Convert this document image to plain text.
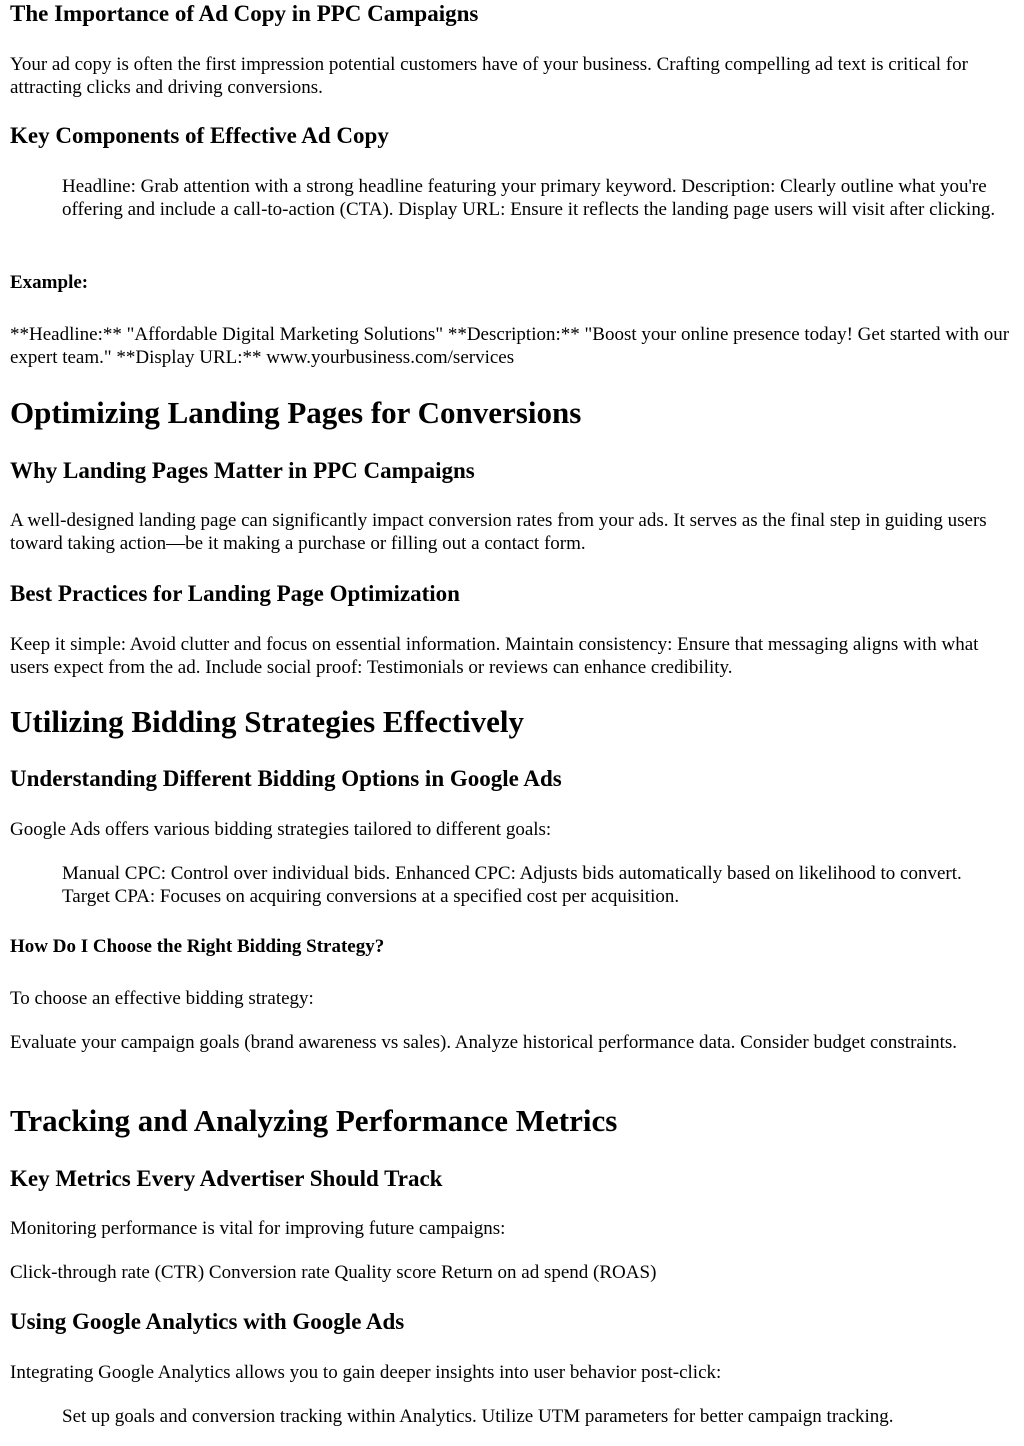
The Importance of Ad Copy in PPC Campaigns

Your ad copy is often the first impression potential customers have of your business. Crafting compelling ad text is critical for attracting clicks and driving conversions.

Key Components of Effective Ad Copy
Headline: Grab attention with a strong headline featuring your primary keyword. Description: Clearly outline what you're offering and include a call-to-action (CTA). Display URL: Ensure it reflects the landing page users will visit after clicking.
Example:

**Headline:** "Affordable Digital Marketing Solutions" **Description:** "Boost your online presence today! Get started with our expert team." **Display URL:** www.yourbusiness.com/services

Optimizing Landing Pages for Conversions
Why Landing Pages Matter in PPC Campaigns

A well-designed landing page can significantly impact conversion rates from your ads. It serves as the final step in guiding users toward taking action—be it making a purchase or filling out a contact form.

Best Practices for Landing Page Optimization

Keep it simple: Avoid clutter and focus on essential information. Maintain consistency: Ensure that messaging aligns with what users expect from the ad. Include social proof: Testimonials or reviews can enhance credibility.

Utilizing Bidding Strategies Effectively
Understanding Different Bidding Options in Google Ads

Google Ads offers various bidding strategies tailored to different goals:

Manual CPC: Control over individual bids. Enhanced CPC: Adjusts bids automatically based on likelihood to convert. Target CPA: Focuses on acquiring conversions at a specified cost per acquisition.
How Do I Choose the Right Bidding Strategy?

To choose an effective bidding strategy:

Evaluate your campaign goals (brand awareness vs sales). Analyze historical performance data. Consider budget constraints.

Tracking and Analyzing Performance Metrics
Key Metrics Every Advertiser Should Track

Monitoring performance is vital for improving future campaigns:

Click-through rate (CTR) Conversion rate Quality score Return on ad spend (ROAS)

Using Google Analytics with Google Ads

Integrating Google Analytics allows you to gain deeper insights into user behavior post-click:

Set up goals and conversion tracking within Analytics. Utilize UTM parameters for better campaign tracking.
